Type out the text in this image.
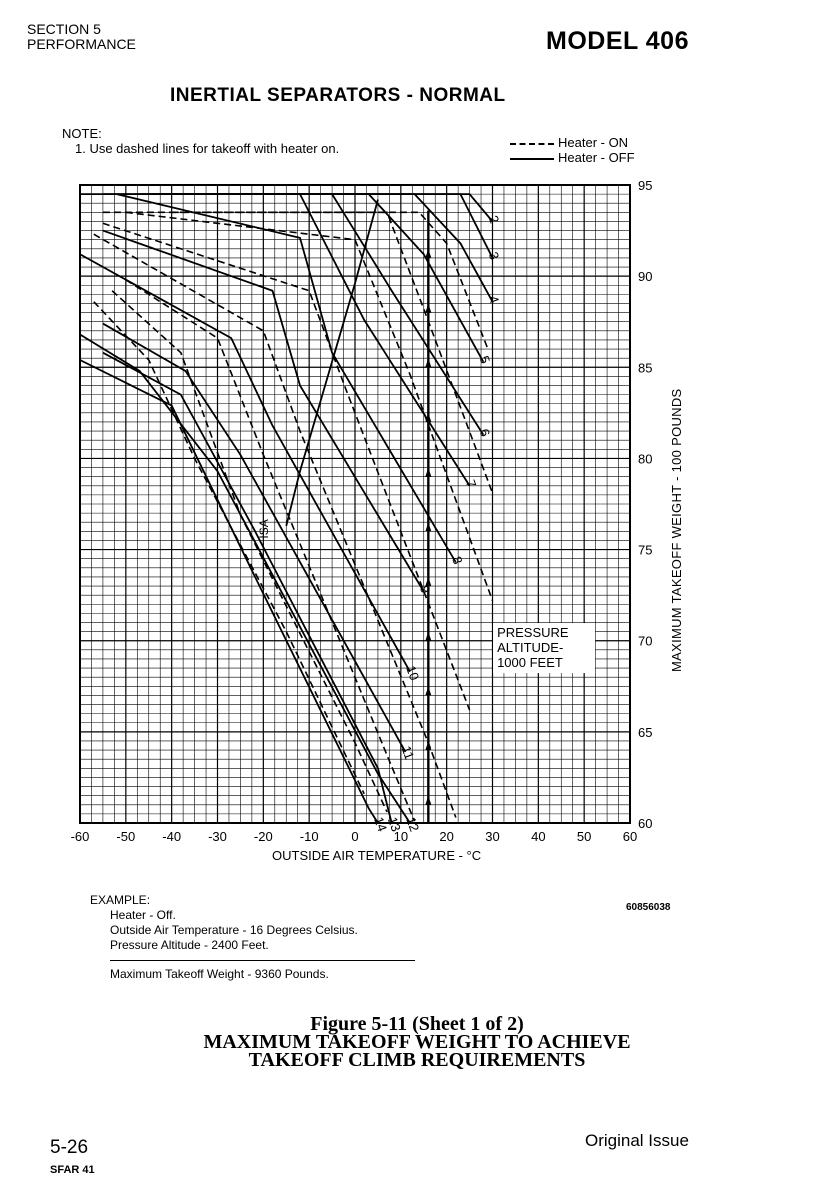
SECTION 5
PERFORMANCE	MODEL 406
INERTIAL SEPARATORS - NORMAL
NOTE:
1. Use dashed lines for takeoff with heater on.	Heater - ON
Heater - OFF
-60 -50 -40 -30 -20 -10	0	10 20 30 40 50 60
60
65
70
75
80
85
90
95
2
3
4
5
6
7
8
9
10
11
12
13
14
ISA
PRESSURE
ALTITUDE-
1000 FEET	MAXIMUM TAKEOFF WEIGHT - 100 POUNDS
OUTSIDE AIR TEMPERATURE - °C
EXAMPLE:
Heater - Off.
Outside Air Temperature - 16 Degrees Celsius.
Pressure Altitude - 2400 Feet.
Maximum Takeoff Weight - 9360 Pounds.
60856038
Figure 5-11 (Sheet 1 of 2)
MAXIMUM TAKEOFF WEIGHT TO ACHIEVE
TAKEOFF CLIMB REQUIREMENTS
5-26
SFAR 41
Original Issue
